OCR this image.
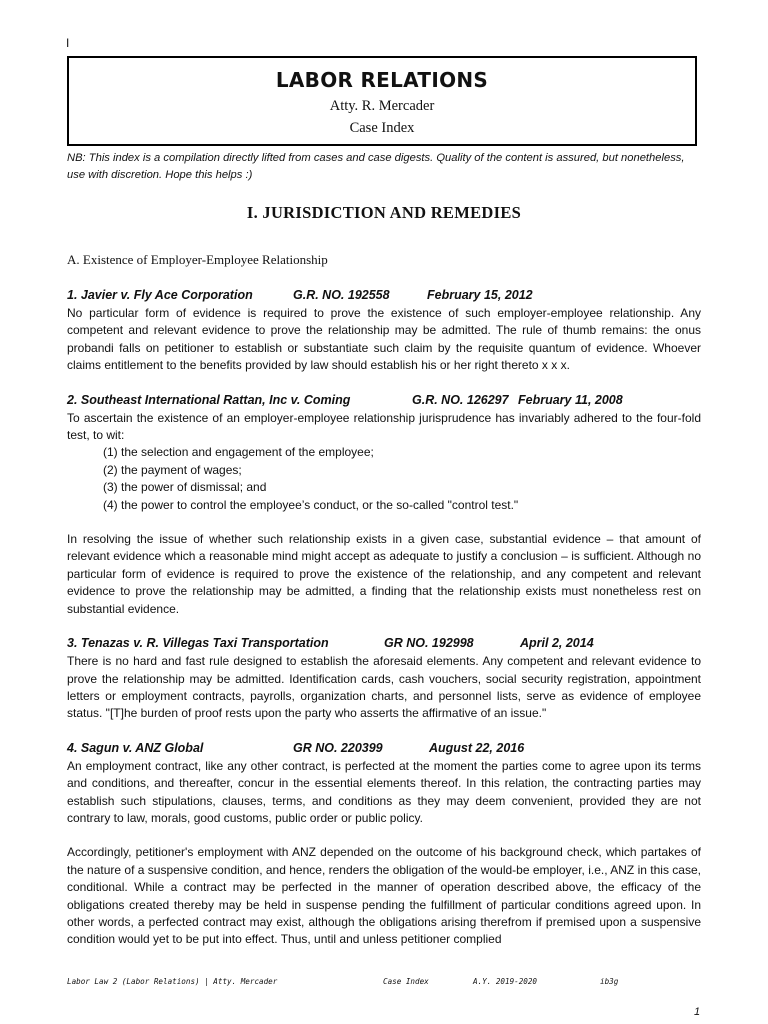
I
LABOR RELATIONS
Atty. R. Mercader
Case Index
NB: This index is a compilation directly lifted from cases and case digests. Quality of the content is assured, but nonetheless, use with discretion. Hope this helps :)
I. JURISDICTION AND REMEDIES
A. Existence of Employer-Employee Relationship
1. Javier v. Fly Ace Corporation	G.R. NO. 192558	February 15, 2012

No particular form of evidence is required to prove the existence of such employer-employee relationship. Any competent and relevant evidence to prove the relationship may be admitted. The rule of thumb remains: the onus probandi falls on petitioner to establish or substantiate such claim by the requisite quantum of evidence. Whoever claims entitlement to the benefits provided by law should establish his or her right thereto x x x.

2. Southeast International Rattan, Inc v. Coming	G.R. NO. 126297 February 11, 2008

To ascertain the existence of an employer-employee relationship jurisprudence has invariably adhered to the four-fold test, to wit:

(1) the selection and engagement of the employee;
(2) the payment of wages;
(3) the power of dismissal; and
(4) the power to control the employee’s conduct, or the so-called "control test."

In resolving the issue of whether such relationship exists in a given case, substantial evidence – that amount of relevant evidence which a reasonable mind might accept as adequate to justify a conclusion – is sufficient. Although no particular form of evidence is required to prove the existence of the relationship, and any competent and relevant evidence to prove the relationship may be admitted, a finding that the relationship exists must nonetheless rest on substantial evidence.

3. Tenazas v. R. Villegas Taxi Transportation	GR NO. 192998	April 2, 2014

There is no hard and fast rule designed to establish the aforesaid elements. Any competent and relevant evidence to prove the relationship may be admitted. Identification cards, cash vouchers, social security registration, appointment letters or employment contracts, payrolls, organization charts, and personnel lists, serve as evidence of employee status. "[T]he burden of proof rests upon the party who asserts the affirmative of an issue."

4. Sagun v. ANZ Global	GR NO. 220399	August 22, 2016

An employment contract, like any other contract, is perfected at the moment the parties come to agree upon its terms and conditions, and thereafter, concur in the essential elements thereof. In this relation, the contracting parties may establish such stipulations, clauses, terms, and conditions as they may deem convenient, provided they are not contrary to law, morals, good customs, public order or public policy.

Accordingly, petitioner's employment with ANZ depended on the outcome of his background check, which partakes of the nature of a suspensive condition, and hence, renders the obligation of the would-be employer, i.e., ANZ in this case, conditional. While a contract may be perfected in the manner of operation described above, the efficacy of the obligations created thereby may be held in suspense pending the fulfillment of particular conditions agreed upon. In other words, a perfected contract may exist, although the obligations arising therefrom if premised upon a suspensive condition would yet to be put into effect. Thus, until and unless petitioner complied

Labor Law 2 (Labor Relations) | Atty. Mercader	Case Index	A.Y. 2019-2020	ib3g
1
